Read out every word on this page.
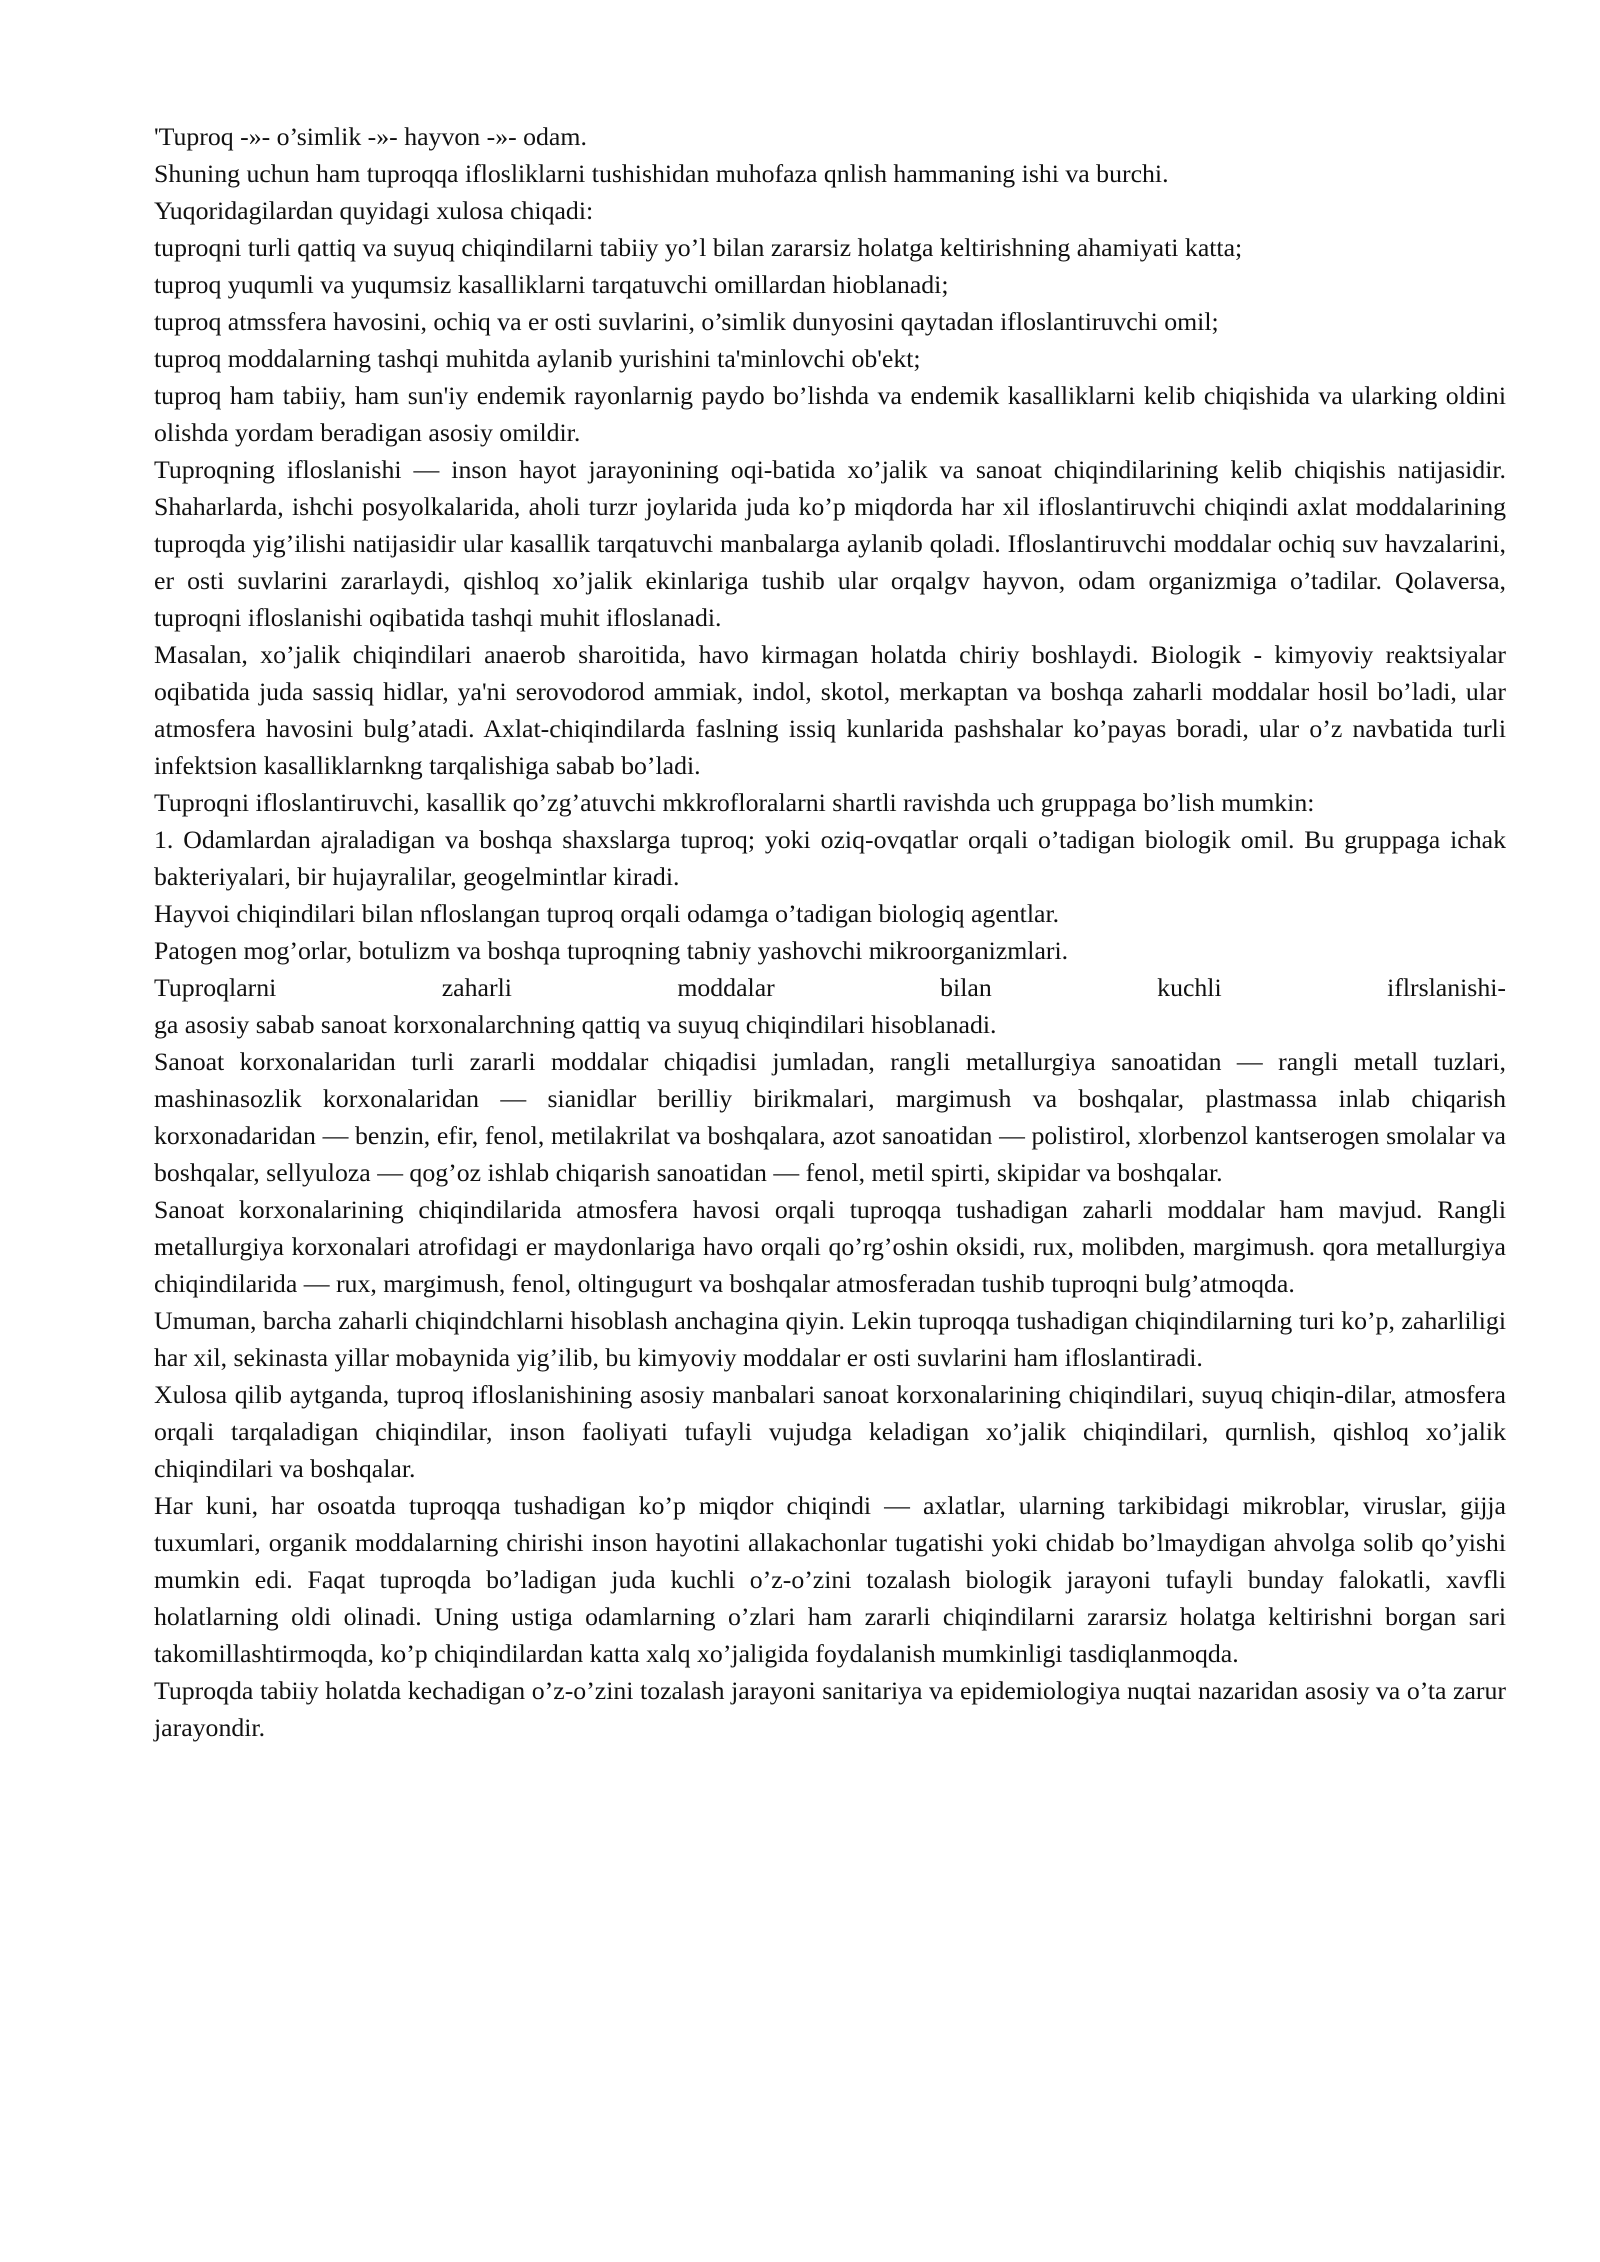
'Tuproq -»- o’simlik -»- hayvon -»- odam.

Shuning uchun ham tuproqqa iflosliklarni tushishidan muhofaza qnlish hammaning ishi va burchi.

Yuqoridagilardan quyidagi xulosa chiqadi:

tuproqni turli qattiq va suyuq chiqindilarni tabiiy yo’l bilan zararsiz holatga keltirishning ahamiyati katta;

tuproq yuqumli va yuqumsiz kasalliklarni tarqatuvchi omillardan hioblanadi;

tuproq atmssfera havosini, ochiq va er osti suvlarini, o’simlik dunyosini qaytadan ifloslantiruvchi omil;

tuproq moddalarning tashqi muhitda aylanib yurishini ta'minlovchi ob'ekt;

tuproq ham tabiiy, ham sun'iy endemik rayonlarnig paydo bo’lishda va endemik kasalliklarni kelib chiqishida va ularking oldini olishda yordam beradigan asosiy omildir.

Tuproqning ifloslanishi — inson hayot jarayonining oqi-batida xo’jalik va sanoat chiqindilarining kelib chiqishis natijasidir. Shaharlarda, ishchi posyolkalarida, aholi turzr joylarida juda ko’p miqdorda har xil ifloslantiruvchi chiqindi axlat moddalarining tuproqda yig’ilishi natijasidir ular kasallik tarqatuvchi manbalarga aylanib qoladi. Ifloslantiruvchi moddalar ochiq suv havzalarini, er osti suvlarini zararlaydi, qishloq xo’jalik ekinlariga tushib ular orqalgv hayvon, odam organizmiga o’tadilar. Qolaversa, tuproqni ifloslanishi oqibatida tashqi muhit ifloslanadi.

Masalan, xo’jalik chiqindilari anaerob sharoitida, havo kirmagan holatda chiriy boshlaydi. Biologik - kimyoviy reaktsiyalar oqibatida juda sassiq hidlar, ya'ni serovodorod ammiak, indol, skotol, merkaptan va boshqa zaharli moddalar hosil bo’ladi, ular atmosfera havosini bulg’atadi. Axlat-chiqindilarda faslning issiq kunlarida pashshalar ko’payas boradi, ular o’z navbatida turli infektsion kasalliklarnkng tarqalishiga sabab bo’ladi.

Tuproqni ifloslantiruvchi, kasallik qo’zg’atuvchi mkkrofloralarni shartli ravishda uch gruppaga bo’lish mumkin:

1. Odamlardan ajraladigan va boshqa shaxslarga tuproq; yoki oziq-ovqatlar orqali o’tadigan biologik omil. Bu gruppaga ichak bakteriyalari, bir hujayralilar, geogelmintlar kiradi.

Hayvoi chiqindilari bilan nfloslangan tuproq orqali odamga o’tadigan biologiq agentlar.

Patogen mog’orlar, botulizm va boshqa tuproqning tabniy yashovchi mikroorganizmlari.

Tuproqlarni zaharli moddalar bilan kuchli iflrslanishi-

ga asosiy sabab sanoat korxonalarchning qattiq va suyuq chiqindilari hisoblanadi.

Sanoat korxonalaridan turli zararli moddalar chiqadisi jumladan, rangli metallurgiya sanoatidan — rangli metall tuzlari, mashinasozlik korxonalaridan — sianidlar berilliy birikmalari, margimush va boshqalar, plastmassa inlab chiqarish korxonadaridan — benzin, efir, fenol, metilakrilat va boshqalara, azot sanoatidan — polistirol, xlorbenzol kantserogen smolalar va boshqalar, sellyuloza — qog’oz ishlab chiqarish sanoatidan — fenol, metil spirti, skipidar va boshqalar.

Sanoat korxonalarining chiqindilarida atmosfera havosi orqali tuproqqa tushadigan zaharli moddalar ham mavjud. Rangli metallurgiya korxonalari atrofidagi er maydonlariga havo orqali qo’rg’oshin oksidi, rux, molibden, margimush. qora metallurgiya chiqindilarida — rux, margimush, fenol, oltingugurt va boshqalar atmosferadan tushib tuproqni bulg’atmoqda.

Umuman, barcha zaharli chiqindchlarni hisoblash anchagina qiyin. Lekin tuproqqa tushadigan chiqindilarning turi ko’p, zaharliligi har xil, sekinasta yillar mobaynida yig’ilib, bu kimyoviy moddalar er osti suvlarini ham ifloslantiradi.

Xulosa qilib aytganda, tuproq ifloslanishining asosiy manbalari sanoat korxonalarining chiqindilari, suyuq chiqin-dilar, atmosfera orqali tarqaladigan chiqindilar, inson faoliyati tufayli vujudga keladigan xo’jalik chiqindilari, qurnlish, qishloq xo’jalik chiqindilari va boshqalar.

Har kuni, har osoatda tuproqqa tushadigan ko’p miqdor chiqindi — axlatlar, ularning tarkibidagi mikroblar, viruslar, gijja tuxumlari, organik moddalarning chirishi inson hayotini allakachonlar tugatishi yoki chidab bo’lmaydigan ahvolga solib qo’yishi mumkin edi. Faqat tuproqda bo’ladigan juda kuchli o’z-o’zini tozalash biologik jarayoni tufayli bunday falokatli, xavfli holatlarning oldi olinadi. Uning ustiga odamlarning o’zlari ham zararli chiqindilarni zararsiz holatga keltirishni borgan sari takomillashtirmoqda, ko’p chiqindilardan katta xalq xo’jaligida foydalanish mumkinligi tasdiqlanmoqda.

Tuproqda tabiiy holatda kechadigan o’z-o’zini tozalash jarayoni sanitariya va epidemiologiya nuqtai nazaridan asosiy va o’ta zarur jarayondir.
